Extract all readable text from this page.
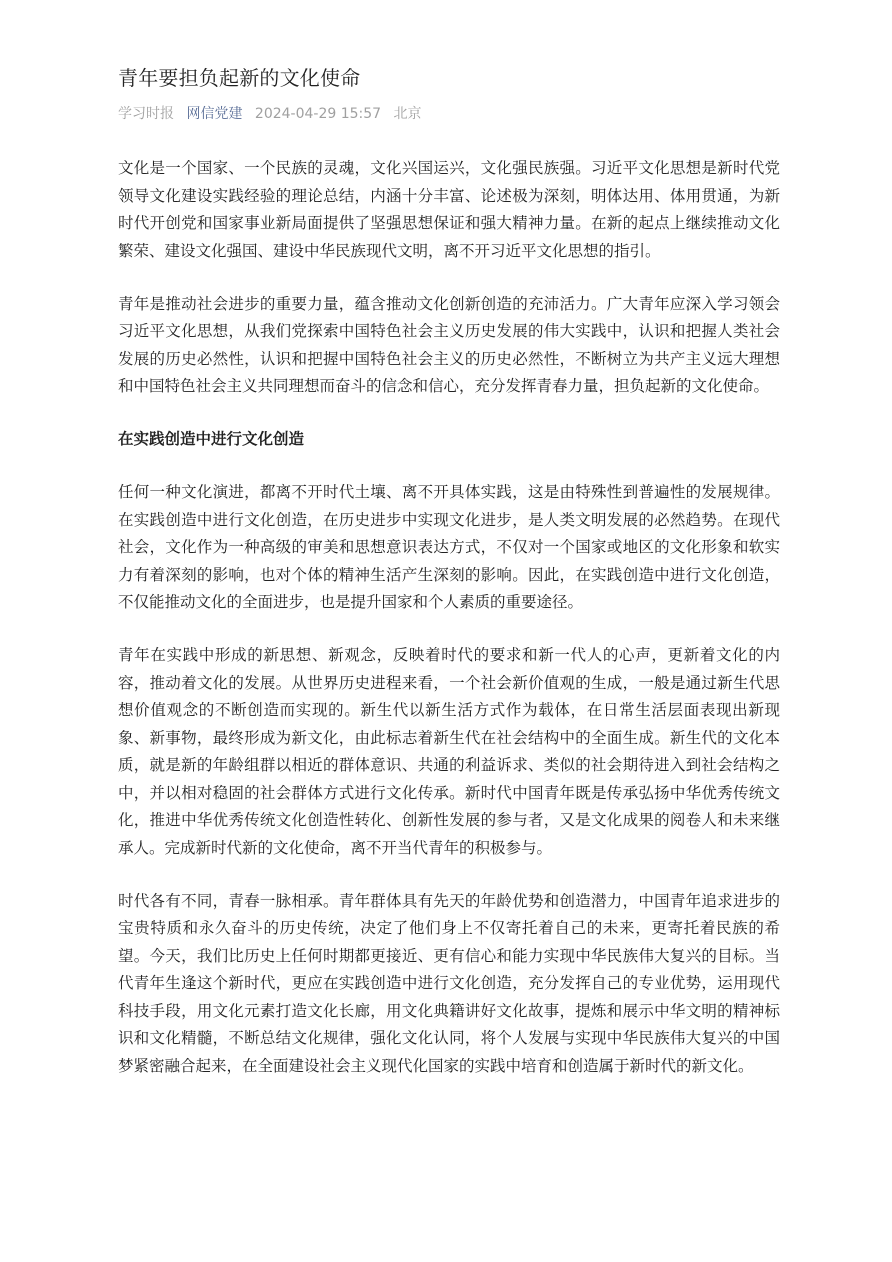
青年要担负起新的文化使命
学习时报 网信党建 2024-04-29 15:57 北京

文化是一个国家、一个民族的灵魂，文化兴国运兴，文化强民族强。习近平文化思想是新时代党领导文化建设实践经验的理论总结，内涵十分丰富、论述极为深刻，明体达用、体用贯通，为新时代开创党和国家事业新局面提供了坚强思想保证和强大精神力量。在新的起点上继续推动文化繁荣、建设文化强国、建设中华民族现代文明，离不开习近平文化思想的指引。

青年是推动社会进步的重要力量，蕴含推动文化创新创造的充沛活力。广大青年应深入学习领会习近平文化思想，从我们党探索中国特色社会主义历史发展的伟大实践中，认识和把握人类社会发展的历史必然性，认识和把握中国特色社会主义的历史必然性，不断树立为共产主义远大理想和中国特色社会主义共同理想而奋斗的信念和信心，充分发挥青春力量，担负起新的文化使命。

在实践创造中进行文化创造

任何一种文化演进，都离不开时代土壤、离不开具体实践，这是由特殊性到普遍性的发展规律。在实践创造中进行文化创造，在历史进步中实现文化进步，是人类文明发展的必然趋势。在现代社会，文化作为一种高级的审美和思想意识表达方式，不仅对一个国家或地区的文化形象和软实力有着深刻的影响，也对个体的精神生活产生深刻的影响。因此，在实践创造中进行文化创造，不仅能推动文化的全面进步，也是提升国家和个人素质的重要途径。

青年在实践中形成的新思想、新观念，反映着时代的要求和新一代人的心声，更新着文化的内容，推动着文化的发展。从世界历史进程来看，一个社会新价值观的生成，一般是通过新生代思想价值观念的不断创造而实现的。新生代以新生活方式作为载体，在日常生活层面表现出新现象、新事物，最终形成为新文化，由此标志着新生代在社会结构中的全面生成。新生代的文化本质，就是新的年龄组群以相近的群体意识、共通的利益诉求、类似的社会期待进入到社会结构之中，并以相对稳固的社会群体方式进行文化传承。新时代中国青年既是传承弘扬中华优秀传统文化，推进中华优秀传统文化创造性转化、创新性发展的参与者，又是文化成果的阅卷人和未来继承人。完成新时代新的文化使命，离不开当代青年的积极参与。

时代各有不同，青春一脉相承。青年群体具有先天的年龄优势和创造潜力，中国青年追求进步的宝贵特质和永久奋斗的历史传统，决定了他们身上不仅寄托着自己的未来，更寄托着民族的希望。今天，我们比历史上任何时期都更接近、更有信心和能力实现中华民族伟大复兴的目标。当代青年生逢这个新时代，更应在实践创造中进行文化创造，充分发挥自己的专业优势，运用现代科技手段，用文化元素打造文化长廊，用文化典籍讲好文化故事，提炼和展示中华文明的精神标识和文化精髓，不断总结文化规律，强化文化认同，将个人发展与实现中华民族伟大复兴的中国梦紧密融合起来，在全面建设社会主义现代化国家的实践中培育和创造属于新时代的新文化。
